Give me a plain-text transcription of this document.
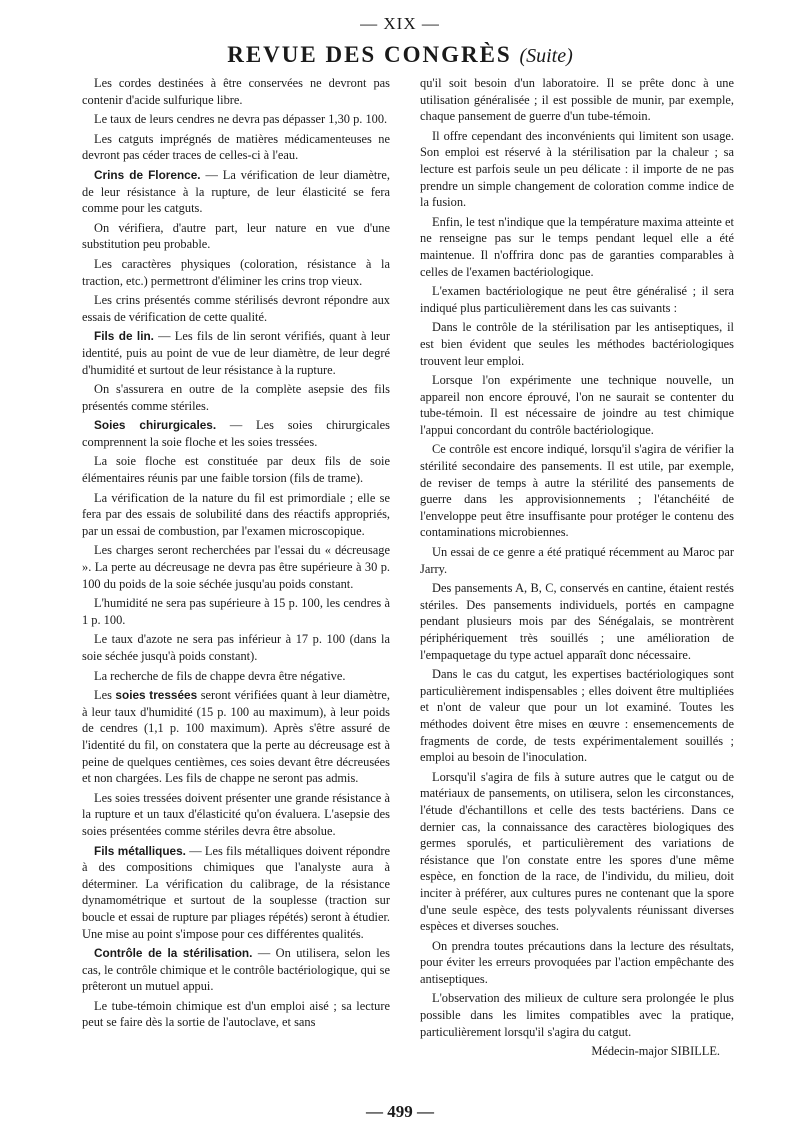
— XIX —
REVUE DES CONGRÈS (Suite)

Les cordes destinées à être conservées ne devront pas contenir d'acide sulfurique libre.

Le taux de leurs cendres ne devra pas dépasser 1,30 p. 100.

Les catguts imprégnés de matières médicamenteuses ne devront pas céder traces de celles-ci à l'eau.

Crins de Florence. — La vérification de leur diamètre, de leur résistance à la rupture, de leur élasticité se fera comme pour les catguts.

On vérifiera, d'autre part, leur nature en vue d'une substitution peu probable.

Les caractères physiques (coloration, résistance à la traction, etc.) permettront d'éliminer les crins trop vieux.

Les crins présentés comme stérilisés devront répondre aux essais de vérification de cette qualité.

Fils de lin. — Les fils de lin seront vérifiés, quant à leur identité, puis au point de vue de leur diamètre, de leur degré d'humidité et surtout de leur résistance à la rupture.

On s'assurera en outre de la complète asepsie des fils présentés comme stériles.

Soies chirurgicales. — Les soies chirurgicales comprennent la soie floche et les soies tressées.

La soie floche est constituée par deux fils de soie élémentaires réunis par une faible torsion (fils de trame).

La vérification de la nature du fil est primordiale ; elle se fera par des essais de solubilité dans des réactifs appropriés, par un essai de combustion, par l'examen microscopique.

Les charges seront recherchées par l'essai du « décreusage ». La perte au décreusage ne devra pas être supérieure à 30 p. 100 du poids de la soie séchée jusqu'au poids constant.

L'humidité ne sera pas supérieure à 15 p. 100, les cendres à 1 p. 100.

Le taux d'azote ne sera pas inférieur à 17 p. 100 (dans la soie séchée jusqu'à poids constant).

La recherche de fils de chappe devra être négative.

Les soies tressées seront vérifiées quant à leur diamètre, à leur taux d'humidité (15 p. 100 au maximum), à leur poids de cendres (1,1 p. 100 maximum). Après s'être assuré de l'identité du fil, on constatera que la perte au décreusage est à peine de quelques centièmes, ces soies devant être décreusées et non chargées. Les fils de chappe ne seront pas admis.

Les soies tressées doivent présenter une grande résistance à la rupture et un taux d'élasticité qu'on évaluera. L'asepsie des soies présentées comme stériles devra être absolue.

Fils métalliques. — Les fils métalliques doivent répondre à des compositions chimiques que l'analyste aura à déterminer. La vérification du calibrage, de la résistance dynamométrique et surtout de la souplesse (traction sur boucle et essai de rupture par pliages répétés) seront à étudier. Une mise au point s'impose pour ces différentes qualités.

Contrôle de la stérilisation. — On utilisera, selon les cas, le contrôle chimique et le contrôle bactériologique, qui se prêteront un mutuel appui.

Le tube-témoin chimique est d'un emploi aisé ; sa lecture peut se faire dès la sortie de l'autoclave, et sans

qu'il soit besoin d'un laboratoire. Il se prête donc à une utilisation généralisée ; il est possible de munir, par exemple, chaque pansement de guerre d'un tube-témoin.

Il offre cependant des inconvénients qui limitent son usage. Son emploi est réservé à la stérilisation par la chaleur ; sa lecture est parfois seule un peu délicate : il importe de ne pas prendre un simple changement de coloration comme indice de la fusion.

Enfin, le test n'indique que la température maxima atteinte et ne renseigne pas sur le temps pendant lequel elle a été maintenue. Il n'offrira donc pas de garanties comparables à celles de l'examen bactériologique.

L'examen bactériologique ne peut être généralisé ; il sera indiqué plus particulièrement dans les cas suivants :

Dans le contrôle de la stérilisation par les antiseptiques, il est bien évident que seules les méthodes bactériologiques trouvent leur emploi.

Lorsque l'on expérimente une technique nouvelle, un appareil non encore éprouvé, l'on ne saurait se contenter du tube-témoin. Il est nécessaire de joindre au test chimique l'appui concordant du contrôle bactériologique.

Ce contrôle est encore indiqué, lorsqu'il s'agira de vérifier la stérilité secondaire des pansements. Il est utile, par exemple, de reviser de temps à autre la stérilité des pansements de guerre dans les approvisionnements ; l'étanchéité de l'enveloppe peut être insuffisante pour protéger le contenu des contaminations microbiennes.

Un essai de ce genre a été pratiqué récemment au Maroc par Jarry.

Des pansements A, B, C, conservés en cantine, étaient restés stériles. Des pansements individuels, portés en campagne pendant plusieurs mois par des Sénégalais, se montrèrent périphériquement très souillés ; une amélioration de l'empaquetage du type actuel apparaît donc nécessaire.

Dans le cas du catgut, les expertises bactériologiques sont particulièrement indispensables ; elles doivent être multipliées et n'ont de valeur que pour un lot examiné. Toutes les méthodes doivent être mises en œuvre : ensemencements de fragments de corde, de tests expérimentalement souillés ; emploi au besoin de l'inoculation.

Lorsqu'il s'agira de fils à suture autres que le catgut ou de matériaux de pansements, on utilisera, selon les circonstances, l'étude d'échantillons et celle des tests bactériens. Dans ce dernier cas, la connaissance des caractères biologiques des germes sporulés, et particulièrement des variations de résistance que l'on constate entre les spores d'une même espèce, en fonction de la race, de l'individu, du milieu, doit inciter à préférer, aux cultures pures ne contenant que la spore d'une seule espèce, des tests polyvalents réunissant diverses espèces et diverses souches.

On prendra toutes précautions dans la lecture des résultats, pour éviter les erreurs provoquées par l'action empêchante des antiseptiques.

L'observation des milieux de culture sera prolongée le plus possible dans les limites compatibles avec la pratique, particulièrement lorsqu'il s'agira du catgut.

Médecin-major SIBILLE.

— 499 —
